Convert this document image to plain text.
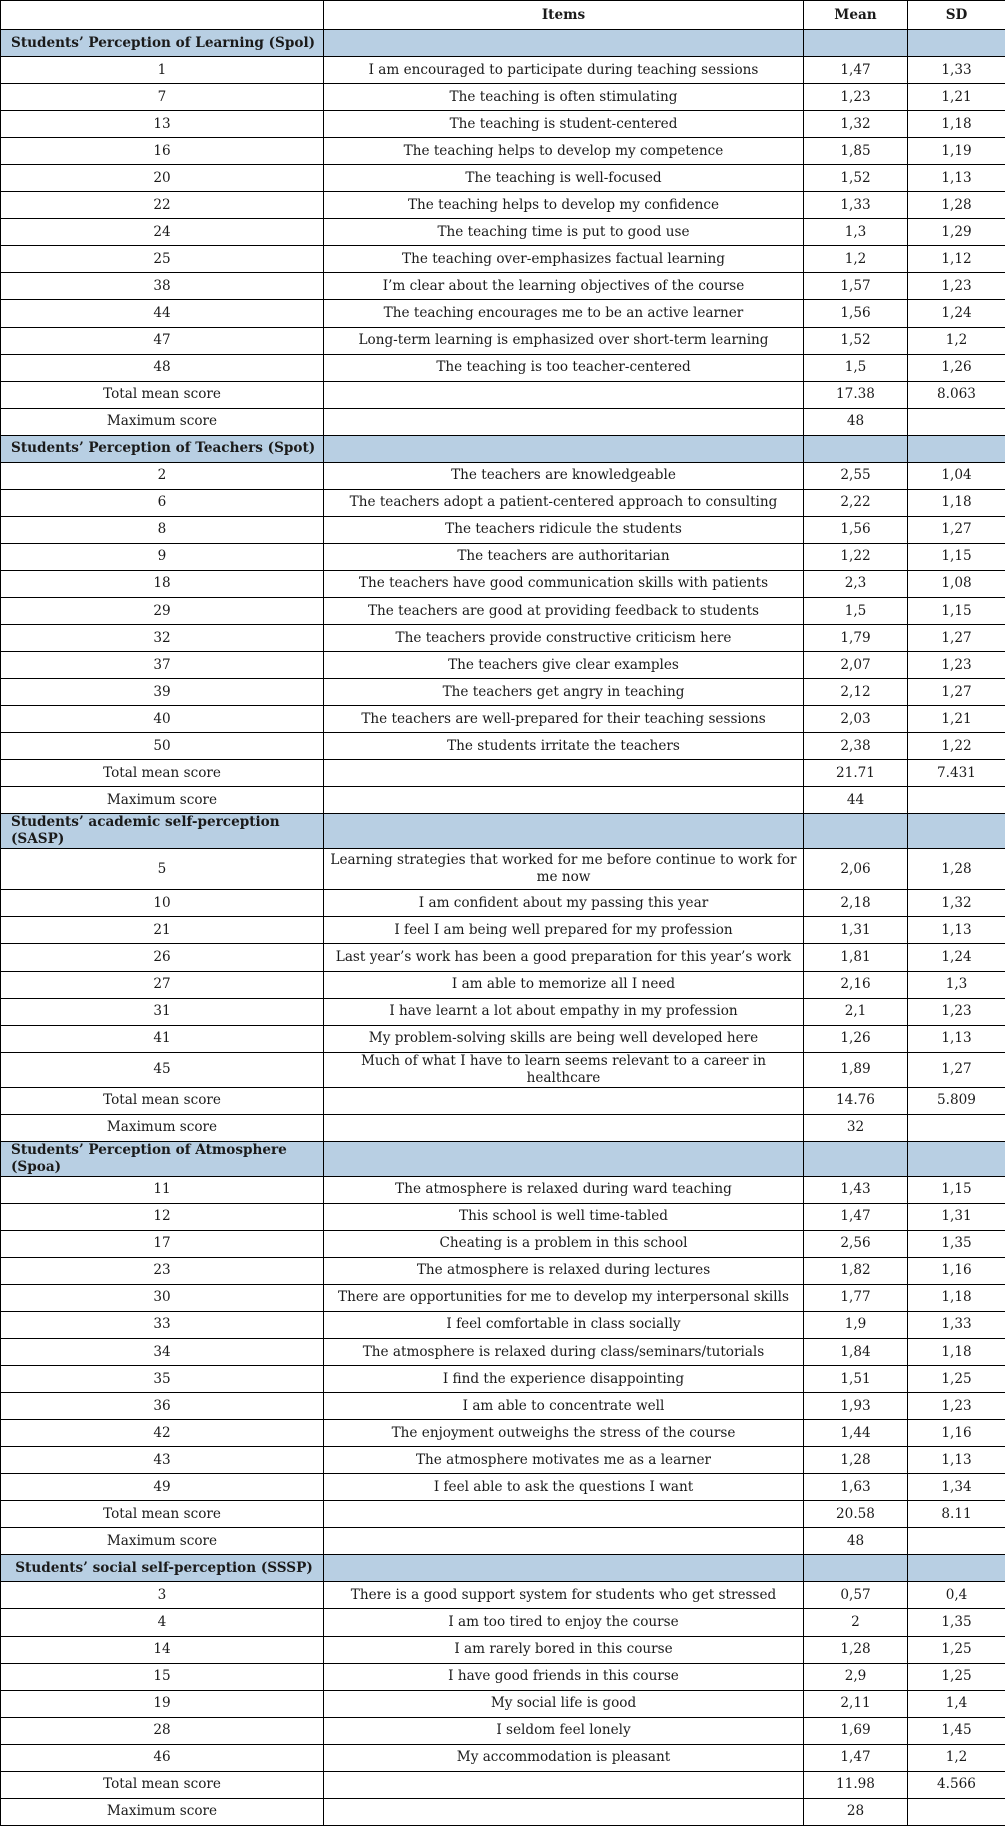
	Items	Mean	SD
Students’ Perception of Learning (Spol)			
1	I am encouraged to participate during teaching sessions	1,47	1,33
7	The teaching is often stimulating	1,23	1,21
13	The teaching is student-centered	1,32	1,18
16	The teaching helps to develop my competence	1,85	1,19
20	The teaching is well-focused	1,52	1,13
22	The teaching helps to develop my confidence	1,33	1,28
24	The teaching time is put to good use	1,3	1,29
25	The teaching over-emphasizes factual learning	1,2	1,12
38	I’m clear about the learning objectives of the course	1,57	1,23
44	The teaching encourages me to be an active learner	1,56	1,24
47	Long-term learning is emphasized over short-term learning	1,52	1,2
48	The teaching is too teacher-centered	1,5	1,26
Total mean score		17.38	8.063
Maximum score		48	
Students’ Perception of Teachers (Spot)			
2	The teachers are knowledgeable	2,55	1,04
6	The teachers adopt a patient-centered approach to consulting	2,22	1,18
8	The teachers ridicule the students	1,56	1,27
9	The teachers are authoritarian	1,22	1,15
18	The teachers have good communication skills with patients	2,3	1,08
29	The teachers are good at providing feedback to students	1,5	1,15
32	The teachers provide constructive criticism here	1,79	1,27
37	The teachers give clear examples	2,07	1,23
39	The teachers get angry in teaching	2,12	1,27
40	The teachers are well-prepared for their teaching sessions	2,03	1,21
50	The students irritate the teachers	2,38	1,22
Total mean score		21.71	7.431
Maximum score		44	
Students’ academic self-perception (SASP)			
5	Learning strategies that worked for me before continue to work for me now	2,06	1,28
10	I am confident about my passing this year	2,18	1,32
21	I feel I am being well prepared for my profession	1,31	1,13
26	Last year’s work has been a good preparation for this year’s work	1,81	1,24
27	I am able to memorize all I need	2,16	1,3
31	I have learnt a lot about empathy in my profession	2,1	1,23
41	My problem-solving skills are being well developed here	1,26	1,13
45	Much of what I have to learn seems relevant to a career in healthcare	1,89	1,27
Total mean score		14.76	5.809
Maximum score		32	
Students’ Perception of Atmosphere (Spoa)			
11	The atmosphere is relaxed during ward teaching	1,43	1,15
12	This school is well time-tabled	1,47	1,31
17	Cheating is a problem in this school	2,56	1,35
23	The atmosphere is relaxed during lectures	1,82	1,16
30	There are opportunities for me to develop my interpersonal skills	1,77	1,18
33	I feel comfortable in class socially	1,9	1,33
34	The atmosphere is relaxed during class/seminars/tutorials	1,84	1,18
35	I find the experience disappointing	1,51	1,25
36	I am able to concentrate well	1,93	1,23
42	The enjoyment outweighs the stress of the course	1,44	1,16
43	The atmosphere motivates me as a learner	1,28	1,13
49	I feel able to ask the questions I want	1,63	1,34
Total mean score		20.58	8.11
Maximum score		48	
Students’ social self-perception (SSSP)			
3	There is a good support system for students who get stressed	0,57	0,4
4	I am too tired to enjoy the course	2	1,35
14	I am rarely bored in this course	1,28	1,25
15	I have good friends in this course	2,9	1,25
19	My social life is good	2,11	1,4
28	I seldom feel lonely	1,69	1,45
46	My accommodation is pleasant	1,47	1,2
Total mean score		11.98	4.566
Maximum score		28	
